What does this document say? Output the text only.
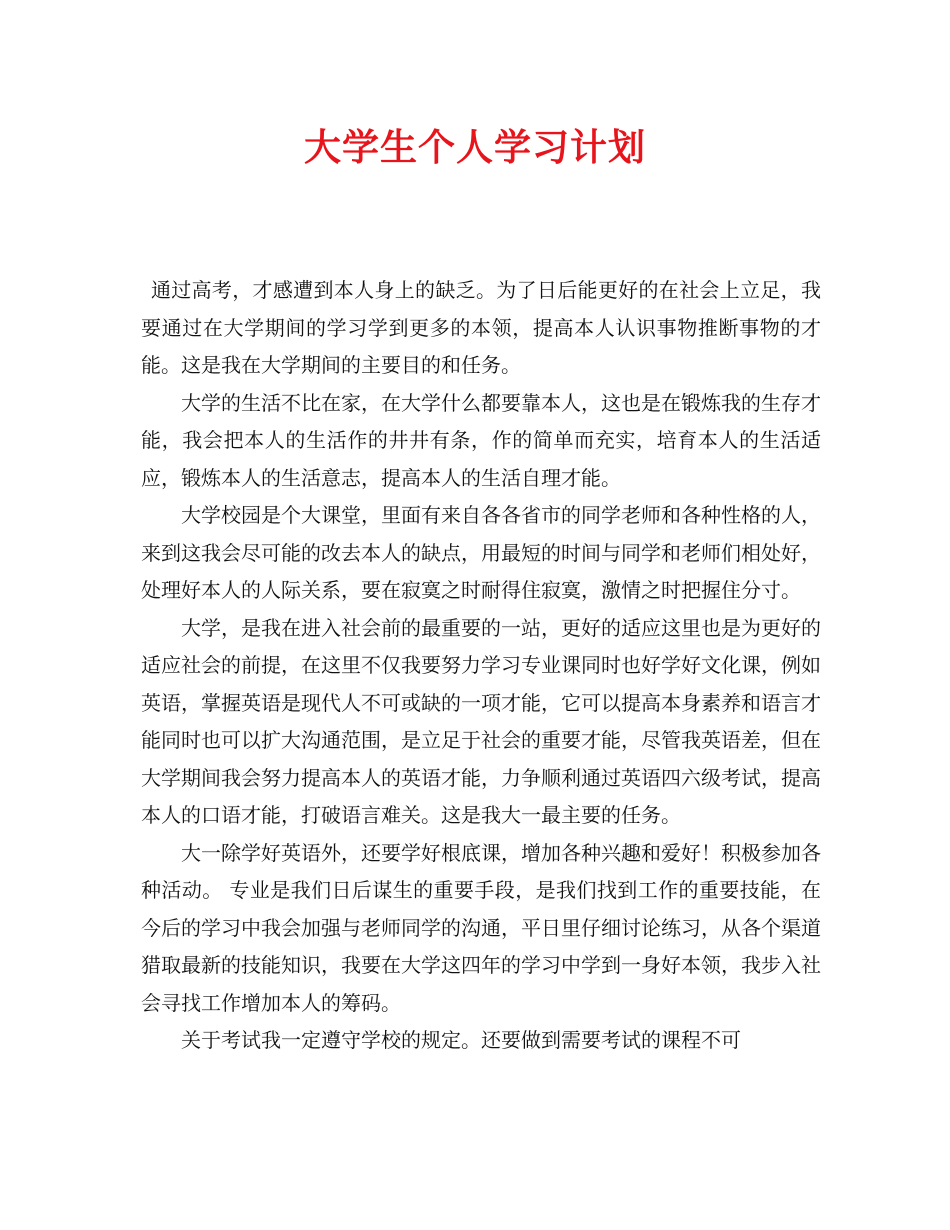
大学生个人学习计划

通过高考，才感遭到本人身上的缺乏。为了日后能更好的在社会上立足，我要通过在大学期间的学习学到更多的本领，提高本人认识事物推断事物的才能。这是我在大学期间的主要目的和任务。

大学的生活不比在家，在大学什么都要靠本人，这也是在锻炼我的生存才能，我会把本人的生活作的井井有条，作的简单而充实，培育本人的生活适应，锻炼本人的生活意志，提高本人的生活自理才能。

大学校园是个大课堂，里面有来自各各省市的同学老师和各种性格的人，来到这我会尽可能的改去本人的缺点，用最短的时间与同学和老师们相处好，处理好本人的人际关系，要在寂寞之时耐得住寂寞，激情之时把握住分寸。

大学，是我在进入社会前的最重要的一站，更好的适应这里也是为更好的适应社会的前提，在这里不仅我要努力学习专业课同时也好学好文化课，例如英语，掌握英语是现代人不可或缺的一项才能，它可以提高本身素养和语言才能同时也可以扩大沟通范围，是立足于社会的重要才能，尽管我英语差，但在大学期间我会努力提高本人的英语才能，力争顺利通过英语四六级考试，提高本人的口语才能，打破语言难关。这是我大一最主要的任务。

大一除学好英语外，还要学好根底课，增加各种兴趣和爱好！积极参加各种活动。 专业是我们日后谋生的重要手段，是我们找到工作的重要技能，在今后的学习中我会加强与老师同学的沟通，平日里仔细讨论练习，从各个渠道猎取最新的技能知识，我要在大学这四年的学习中学到一身好本领，我步入社会寻找工作增加本人的筹码。

关于考试我一定遵守学校的规定。还要做到需要考试的课程不可
